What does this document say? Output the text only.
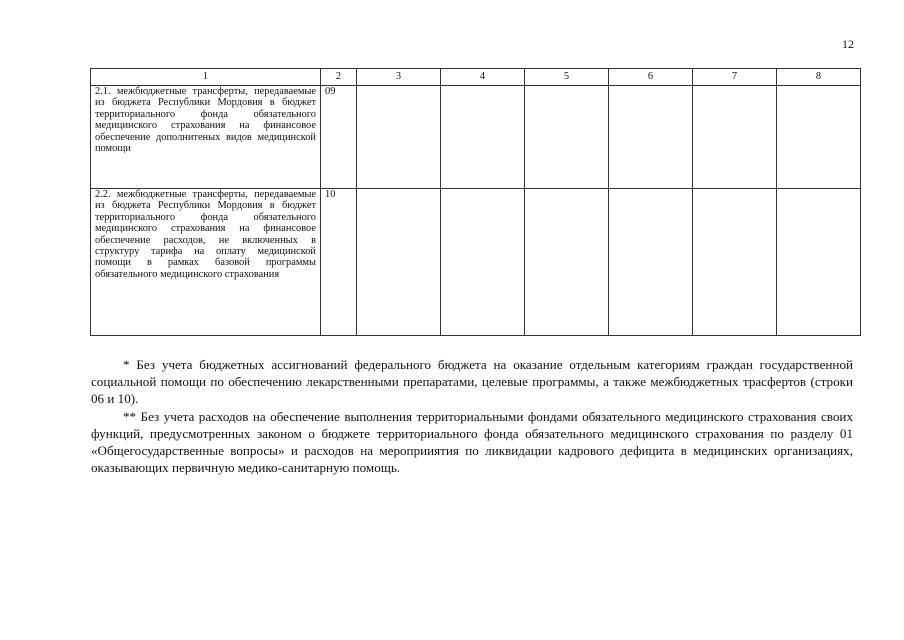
12
1	2	3	4	5	6	7	8
2.1. межбюджетные трансферты, передаваемые из бюджета Республики Мордовия в бюджет территориального фонда обязательного медицинского страхования на финансовое обеспечение дополнитеных видов медицинской помощи	09						
2.2. межбюджетные трансферты, передаваемые из бюджета Республики Мордовия в бюджет территориального фонда обязательного медицинского страхования на финансовое обеспечение расходов, не включенных в структуру тарифа на оплату медицинской помощи в рамках базовой программы обязательного медицинского страхования	10						

* Без учета бюджетных ассигнований федерального бюджета на оказание отдельным категориям граждан государственной социальной помощи по обеспечению лекарственными препаратами, целевые программы, а также межбюджетных трасфертов (строки 06 и 10).

** Без учета расходов на обеспечение выполнения территориальными фондами обязательного медицинского страхования своих функций, предусмотренных законом о бюджете территориального фонда обязательного медицинского страхования по разделу 01 «Общегосударственные вопросы» и расходов на мероприиятия по ликвидации кадрового дефицита в медицинских организациях, оказывающих первичную медико-санитарную помощь.
